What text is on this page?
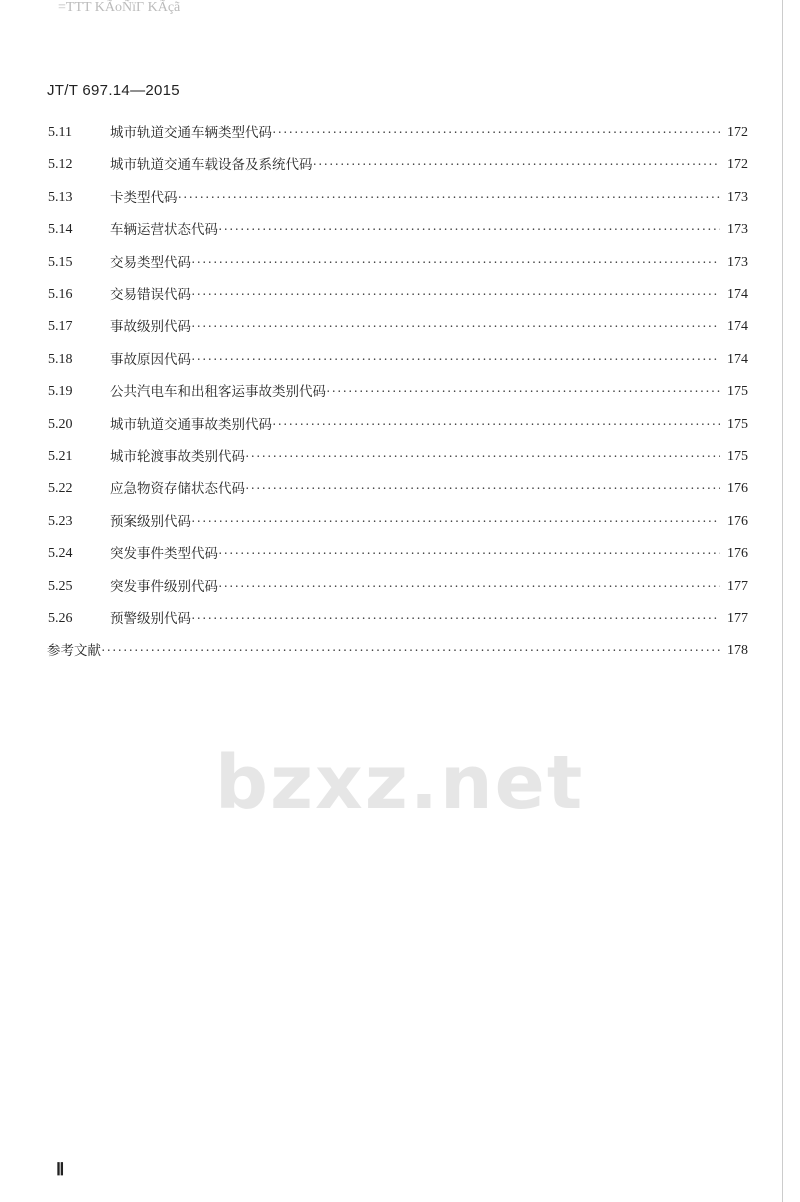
=ΤΤΤ ΚÃoÑïΓ ΚÃçã
JT/T 697.14—2015
bzxz.net
5.11	城市轨道交通车辆类型代码 ·····	172
5.12	城市轨道交通车载设备及系统代码 ·····	172
5.13	卡类型代码 ·····	173
5.14	车辆运营状态代码 ·····	173
5.15	交易类型代码 ·····	173
5.16	交易错误代码 ·····	174
5.17	事故级别代码 ·····	174
5.18	事故原因代码 ·····	174
5.19	公共汽电车和出租客运事故类别代码 ·····	175
5.20	城市轨道交通事故类别代码 ·····	175
5.21	城市轮渡事故类别代码 ·····	175
5.22	应急物资存储状态代码 ·····	176
5.23	预案级别代码 ·····	176
5.24	突发事件类型代码 ·····	176
5.25	突发事件级别代码 ·····	177
5.26	预警级别代码 ·····	177
参考文献 ·····	178
Ⅱ
